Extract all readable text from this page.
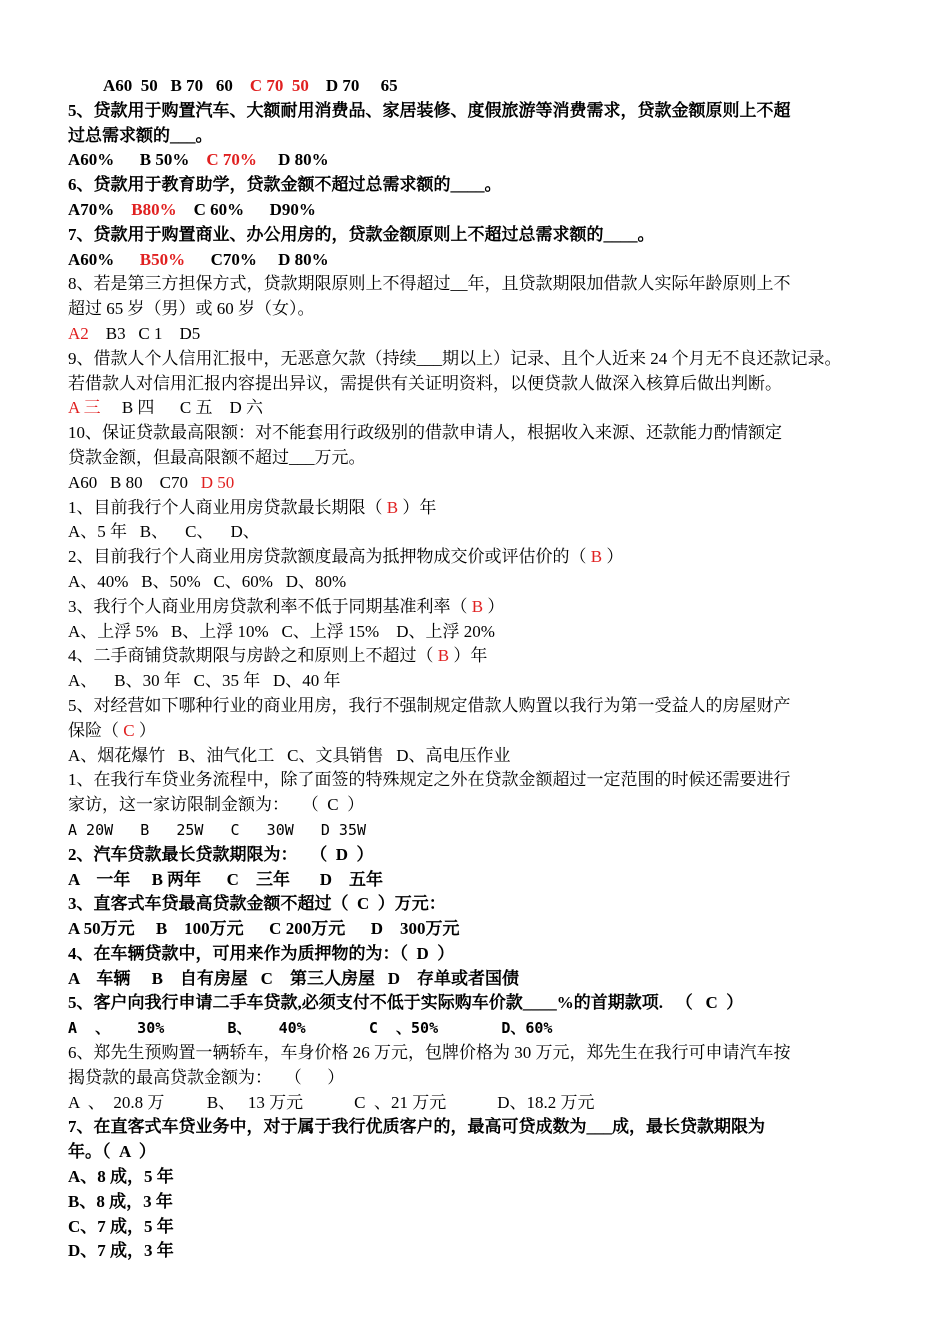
A60  50   B 70   60    C 70  50    D 70     65
5、贷款用于购置汽车、大额耐用消费品、家居装修、度假旅游等消费需求，贷款金额原则上不超
过总需求额的___。
A60%      B 50%    C 70%     D 80%
6、贷款用于教育助学，贷款金额不超过总需求额的____。
A70%    B80%    C 60%      D90%
7、贷款用于购置商业、办公用房的，贷款金额原则上不超过总需求额的____。
A60%      B50%      C70%     D 80%
8、若是第三方担保方式，贷款期限原则上不得超过__年，且贷款期限加借款人实际年龄原则上不
超过 65 岁（男）或 60 岁（女）。
A2    B3   C 1    D5
9、借款人个人信用汇报中，无恶意欠款（持续___期以上）记录、且个人近来 24 个月无不良还款记录。
若借款人对信用汇报内容提出异议，需提供有关证明资料，以便贷款人做深入核算后做出判断。
A 三     B 四      C 五    D 六
10、保证贷款最高限额：对不能套用行政级别的借款申请人，根据收入来源、还款能力酌情额定
贷款金额，但最高限额不超过___万元。
A60   B 80    C70   D 50
1、目前我行个人商业用房贷款最长期限（ B ）年
A、5 年   B、    C、    D、
2、目前我行个人商业用房贷款额度最高为抵押物成交价或评估价的（ B ）
A、40%   B、50%   C、60%   D、80%
3、我行个人商业用房贷款利率不低于同期基准利率（ B ）
A、上浮 5%   B、上浮 10%   C、上浮 15%    D、上浮 20%
4、二手商铺贷款期限与房龄之和原则上不超过（ B ）年
A、    B、30 年   C、35 年   D、40 年
5、对经营如下哪种行业的商业用房，我行不强制规定借款人购置以我行为第一受益人的房屋财产
保险（ C ）
A、烟花爆竹   B、油气化工   C、文具销售   D、高电压作业
1、在我行车贷业务流程中，除了面签的特殊规定之外在贷款金额超过一定范围的时候还需要进行
家访，这一家访限制金额为：   （  C  ）
A 20W   B   25W   C   30W   D 35W
2、汽车贷款最长贷款期限为：   （  D  ）
A    一年     B 两年      C    三年       D    五年
3、直客式车贷最高贷款金额不超过（  C  ）万元：
A 50万元     B    100万元      C 200万元      D    300万元
4、在车辆贷款中，可用来作为质押物的为：（  D  ）
A    车辆     B    自有房屋   C    第三人房屋   D    存单或者国债
5、客户向我行申请二手车贷款,必须支付不低于实际购车价款____%的首期款项.   （   C  ）
A  、   30%       B、   40%       C  、50%       D、60%
6、郑先生预购置一辆轿车，车身价格 26 万元，包牌价格为 30 万元，郑先生在我行可申请汽车按
揭贷款的最高贷款金额为：   （      ）
A  、  20.8 万          B、   13 万元            C  、21 万元            D、18.2 万元
7、在直客式车贷业务中，对于属于我行优质客户的，最高可贷成数为___成，最长贷款期限为
年。（  A  ）
A、8 成，5 年
B、8 成，3 年
C、7 成，5 年
D、7 成，3 年
